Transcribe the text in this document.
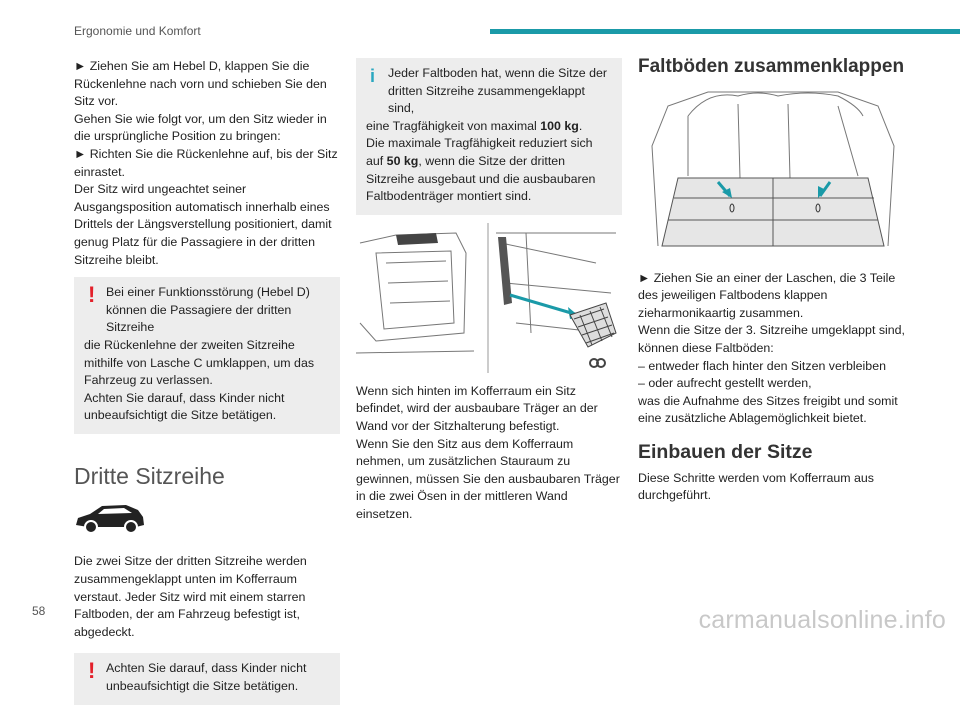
Ergonomie und Komfort

► Ziehen Sie am Hebel D, klappen Sie die Rückenlehne nach vorn und schieben Sie den Sitz vor.

Gehen Sie wie folgt vor, um den Sitz wieder in die ursprüngliche Position zu bringen:

► Richten Sie die Rückenlehne auf, bis der Sitz einrastet.

Der Sitz wird ungeachtet seiner Ausgangsposition automatisch innerhalb eines Drittels der Längsverstellung positioniert, damit genug Platz für die Passagiere in der dritten Sitzreihe bleibt.

! Bei einer Funktionsstörung (Hebel D)

können die Passagiere der dritten Sitzreihe

die Rückenlehne der zweiten Sitzreihe mithilfe von Lasche C umklappen, um das Fahrzeug zu verlassen.

Achten Sie darauf, dass Kinder nicht unbeaufsichtigt die Sitze betätigen.

Dritte Sitzreihe

Die zwei Sitze der dritten Sitzreihe werden zusammengeklappt unten im Kofferraum verstaut. Jeder Sitz wird mit einem starren Faltboden, der am Fahrzeug befestigt ist, abgedeckt.

! Achten Sie darauf, dass Kinder nicht

unbeaufsichtigt die Sitze betätigen.

i	Jeder Faltboden hat, wenn die Sitze der

dritten Sitzreihe zusammengeklappt sind,

eine Tragfähigkeit von maximal 100 kg.

Die maximale Tragfähigkeit reduziert sich auf 50 kg, wenn die Sitze der dritten Sitzreihe ausgebaut und die ausbaubaren Faltbodenträger montiert sind.

Wenn sich hinten im Kofferraum ein Sitz befindet, wird der ausbaubare Träger an der Wand vor der Sitzhalterung befestigt.

Wenn Sie den Sitz aus dem Kofferraum nehmen, um zusätzlichen Stauraum zu gewinnen, müssen Sie den ausbaubaren Träger in die zwei Ösen in der mittleren Wand einsetzen.

Faltböden zusammenklappen

► Ziehen Sie an einer der Laschen, die 3 Teile des jeweiligen Faltbodens klappen zieharmonikaartig zusammen.

Wenn die Sitze der 3. Sitzreihe umgeklappt sind, können diese Faltböden:

– entweder flach hinter den Sitzen verbleiben

– oder aufrecht gestellt werden,

was die Aufnahme des Sitzes freigibt und somit eine zusätzliche Ablagemöglichkeit bietet.

Einbauen der Sitze

Diese Schritte werden vom Kofferraum aus durchgeführt.

58	carmanualsonline.info
